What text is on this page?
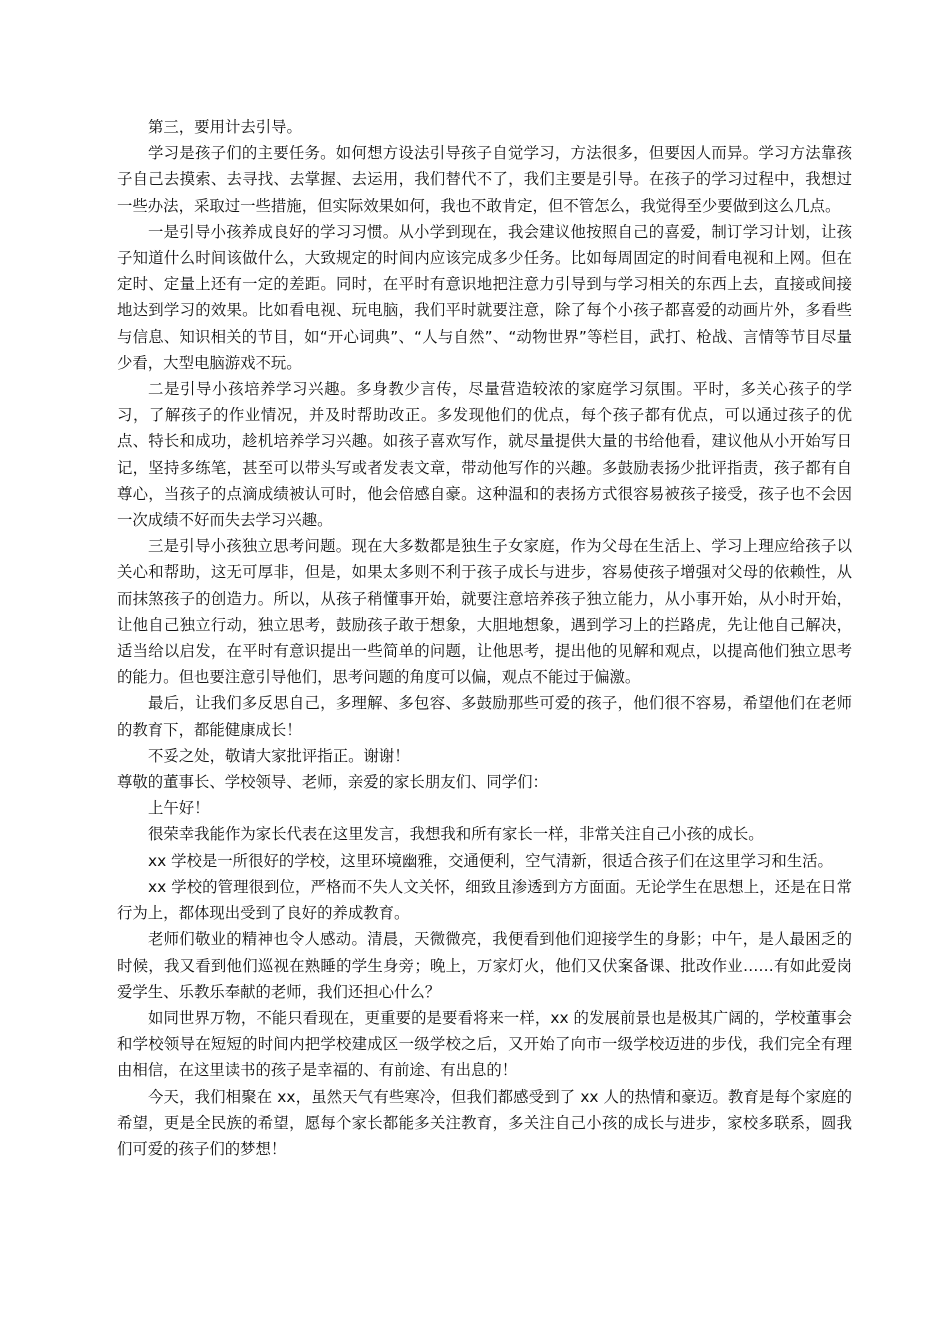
第三，要用计去引导。

学习是孩子们的主要任务。如何想方设法引导孩子自觉学习，方法很多，但要因人而异。学习方法靠孩子自己去摸索、去寻找、去掌握、去运用，我们替代不了，我们主要是引导。在孩子的学习过程中，我想过一些办法，采取过一些措施，但实际效果如何，我也不敢肯定，但不管怎么，我觉得至少要做到这么几点。

一是引导小孩养成良好的学习习惯。从小学到现在，我会建议他按照自己的喜爱，制订学习计划，让孩子知道什么时间该做什么，大致规定的时间内应该完成多少任务。比如每周固定的时间看电视和上网。但在定时、定量上还有一定的差距。同时，在平时有意识地把注意力引导到与学习相关的东西上去，直接或间接地达到学习的效果。比如看电视、玩电脑，我们平时就要注意，除了每个小孩子都喜爱的动画片外，多看些与信息、知识相关的节目，如“开心词典”、“人与自然”、“动物世界”等栏目，武打、枪战、言情等节目尽量少看，大型电脑游戏不玩。

二是引导小孩培养学习兴趣。多身教少言传，尽量营造较浓的家庭学习氛围。平时，多关心孩子的学习，了解孩子的作业情况，并及时帮助改正。多发现他们的优点，每个孩子都有优点，可以通过孩子的优点、特长和成功，趁机培养学习兴趣。如孩子喜欢写作，就尽量提供大量的书给他看，建议他从小开始写日记，坚持多练笔，甚至可以带头写或者发表文章，带动他写作的兴趣。多鼓励表扬少批评指责，孩子都有自尊心，当孩子的点滴成绩被认可时，他会倍感自豪。这种温和的表扬方式很容易被孩子接受，孩子也不会因一次成绩不好而失去学习兴趣。

三是引导小孩独立思考问题。现在大多数都是独生子女家庭，作为父母在生活上、学习上理应给孩子以关心和帮助，这无可厚非，但是，如果太多则不利于孩子成长与进步，容易使孩子增强对父母的依赖性，从而抹煞孩子的创造力。所以，从孩子稍懂事开始，就要注意培养孩子独立能力，从小事开始，从小时开始，让他自己独立行动，独立思考，鼓励孩子敢于想象，大胆地想象，遇到学习上的拦路虎，先让他自己解决，适当给以启发，在平时有意识提出一些简单的问题，让他思考，提出他的见解和观点，以提高他们独立思考的能力。但也要注意引导他们，思考问题的角度可以偏，观点不能过于偏激。

最后，让我们多反思自己，多理解、多包容、多鼓励那些可爱的孩子，他们很不容易，希望他们在老师的教育下，都能健康成长！

不妥之处，敬请大家批评指正。谢谢！

尊敬的董事长、学校领导、老师，亲爱的家长朋友们、同学们：

上午好！

很荣幸我能作为家长代表在这里发言，我想我和所有家长一样，非常关注自己小孩的成长。

xx 学校是一所很好的学校，这里环境幽雅，交通便利，空气清新，很适合孩子们在这里学习和生活。

xx 学校的管理很到位，严格而不失人文关怀，细致且渗透到方方面面。无论学生在思想上，还是在日常行为上，都体现出受到了良好的养成教育。

老师们敬业的精神也令人感动。清晨，天微微亮，我便看到他们迎接学生的身影；中午，是人最困乏的时候，我又看到他们巡视在熟睡的学生身旁；晚上，万家灯火，他们又伏案备课、批改作业……有如此爱岗爱学生、乐教乐奉献的老师，我们还担心什么？

如同世界万物，不能只看现在，更重要的是要看将来一样，xx 的发展前景也是极其广阔的，学校董事会和学校领导在短短的时间内把学校建成区一级学校之后，又开始了向市一级学校迈进的步伐，我们完全有理由相信，在这里读书的孩子是幸福的、有前途、有出息的！

今天，我们相聚在 xx，虽然天气有些寒冷，但我们都感受到了 xx 人的热情和豪迈。教育是每个家庭的希望，更是全民族的希望，愿每个家长都能多关注教育，多关注自己小孩的成长与进步，家校多联系，圆我们可爱的孩子们的梦想！
